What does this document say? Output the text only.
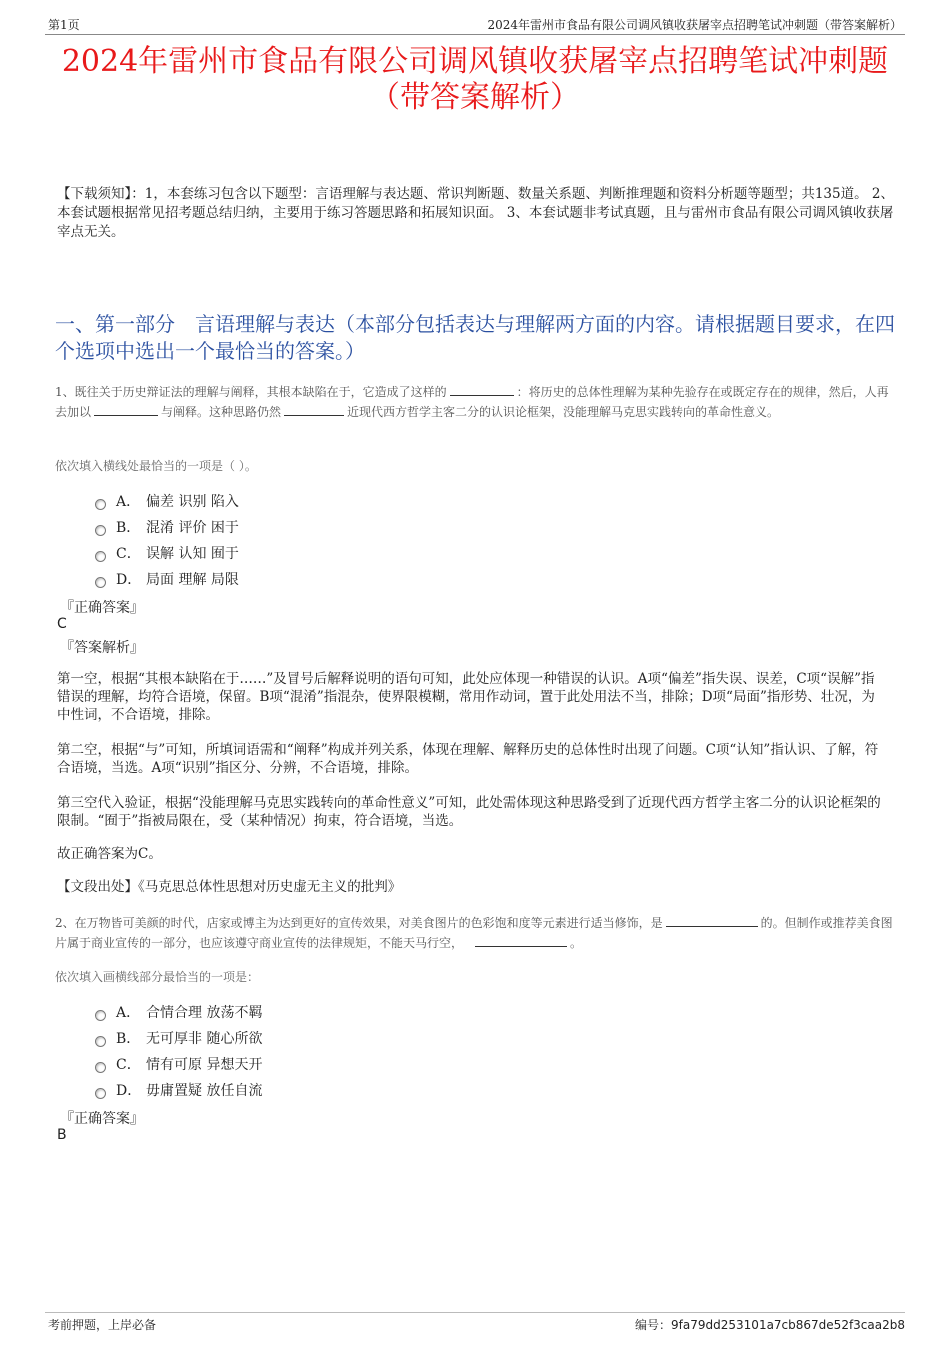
第1页	2024年雷州市食品有限公司调风镇收获屠宰点招聘笔试冲刺题（带答案解析）
2024年雷州市食品有限公司调风镇收获屠宰点招聘笔试冲刺题
（带答案解析）
【下载须知】：1，本套练习包含以下题型：言语理解与表达题、常识判断题、数量关系题、判断推理题和资料分析题等题型；共135道。 2、本套试题根据常见招考题总结归纳，主要用于练习答题思路和拓展知识面。 3、本套试题非考试真题，且与雷州市食品有限公司调风镇收获屠宰点无关。
一、第一部分　言语理解与表达（本部分包括表达与理解两方面的内容。请根据题目要求，在四个选项中选出一个最恰当的答案。）
1、既往关于历史辩证法的理解与阐释，其根本缺陷在于，它造成了这样的	：将历史的总体性理解为某种先验存在或既定存在的规律，然后，人再去加以	与阐释。这种思路仍然	近现代西方哲学主客二分的认识论框架，没能理解马克思实践转向的革命性意义。
依次填入横线处最恰当的一项是（ ）。
A． 偏差 识别 陷入
B． 混淆 评价 困于
C． 误解 认知 囿于
D． 局面 理解 局限
『正确答案』
C
『答案解析』
第一空，根据“其根本缺陷在于……”及冒号后解释说明的语句可知，此处应体现一种错误的认识。A项“偏差”指失误、误差，C项“误解”指错误的理解，均符合语境，保留。B项“混淆”指混杂，使界限模糊，常用作动词，置于此处用法不当，排除；D项“局面”指形势、壮况，为中性词，不合语境，排除。
第二空，根据“与”可知，所填词语需和“阐释”构成并列关系，体现在理解、解释历史的总体性时出现了问题。C项“认知”指认识、了解，符合语境，当选。A项“识别”指区分、分辨，不合语境，排除。
第三空代入验证，根据“没能理解马克思实践转向的革命性意义”可知，此处需体现这种思路受到了近现代西方哲学主客二分的认识论框架的限制。“囿于”指被局限在，受（某种情况）拘束，符合语境，当选。
故正确答案为C。
【文段出处】《马克思总体性思想对历史虚无主义的批判》
2、在万物皆可美颜的时代，店家或博主为达到更好的宣传效果，对美食图片的色彩饱和度等元素进行适当修饰，是	的。但制作或推荐美食图片属于商业宣传的一部分，也应该遵守商业宣传的法律规矩，不能天马行空，	。
依次填入画横线部分最恰当的一项是：
A． 合情合理 放荡不羁
B． 无可厚非 随心所欲
C． 情有可原 异想天开
D． 毋庸置疑 放任自流
『正确答案』
B
考前押题，上岸必备	编号：9fa79dd253101a7cb867de52f3caa2b8
